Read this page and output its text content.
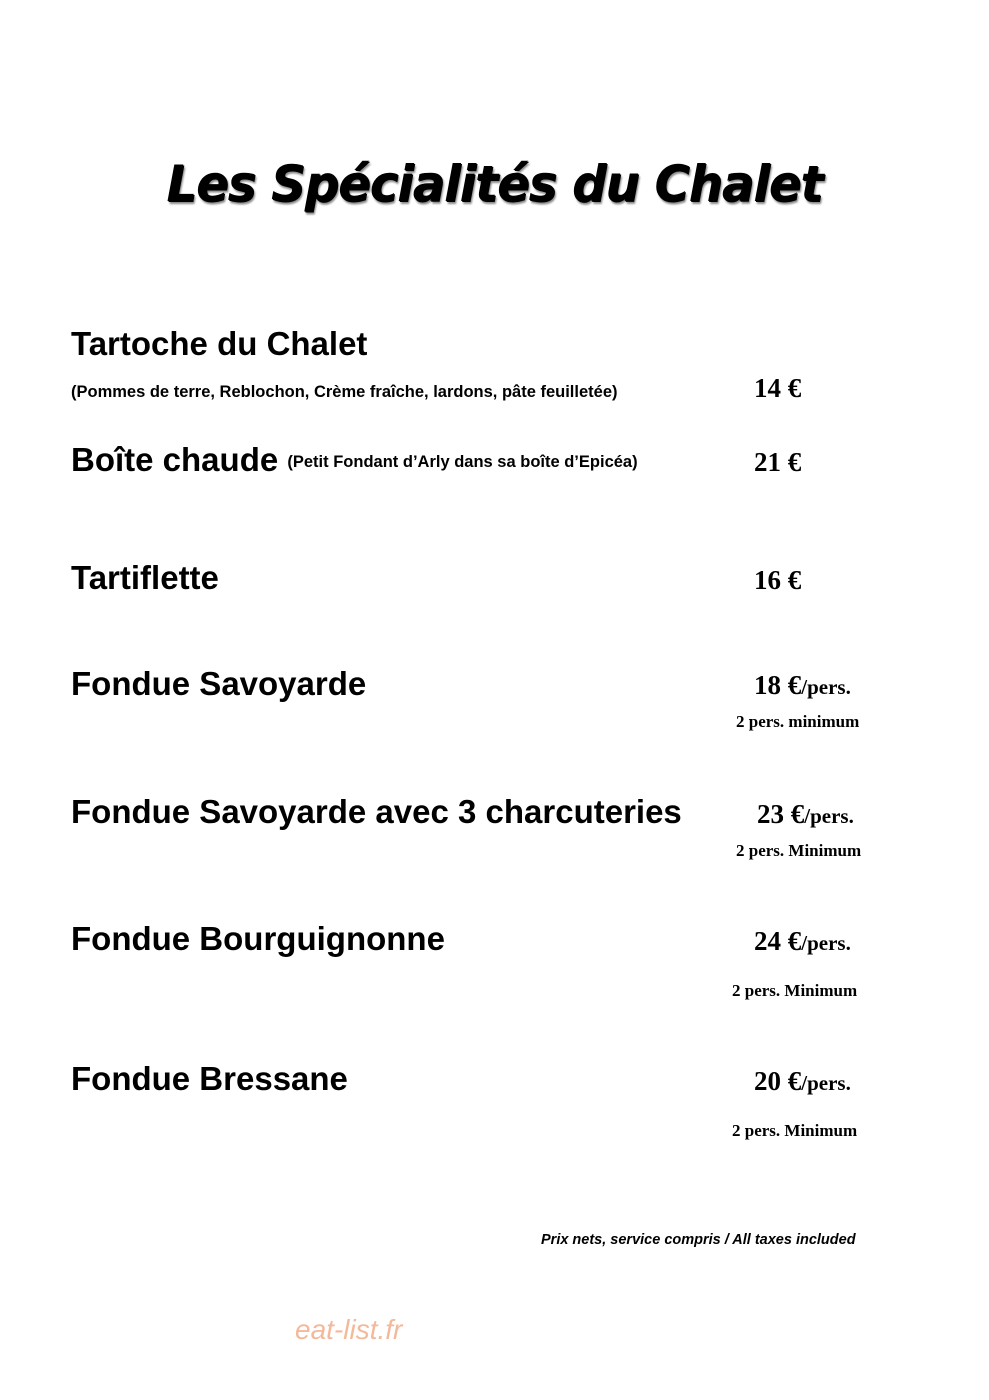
Les Spécialités du Chalet
Tartoche du Chalet
(Pommes de terre, Reblochon, Crème fraîche, lardons, pâte feuilletée)	14 €
Boîte chaude (Petit Fondant d’Arly dans sa boîte d’Epicéa)	21 €
Tartiflette	16 €
Fondue Savoyarde	18 €/pers.
2 pers. minimum
Fondue Savoyarde avec 3 charcuteries	23 €/pers.
2 pers. Minimum
Fondue Bourguignonne	24 €/pers.
2 pers. Minimum
Fondue Bressane	20 €/pers.
2 pers. Minimum
Prix nets, service compris / All taxes included
eat-list.fr
